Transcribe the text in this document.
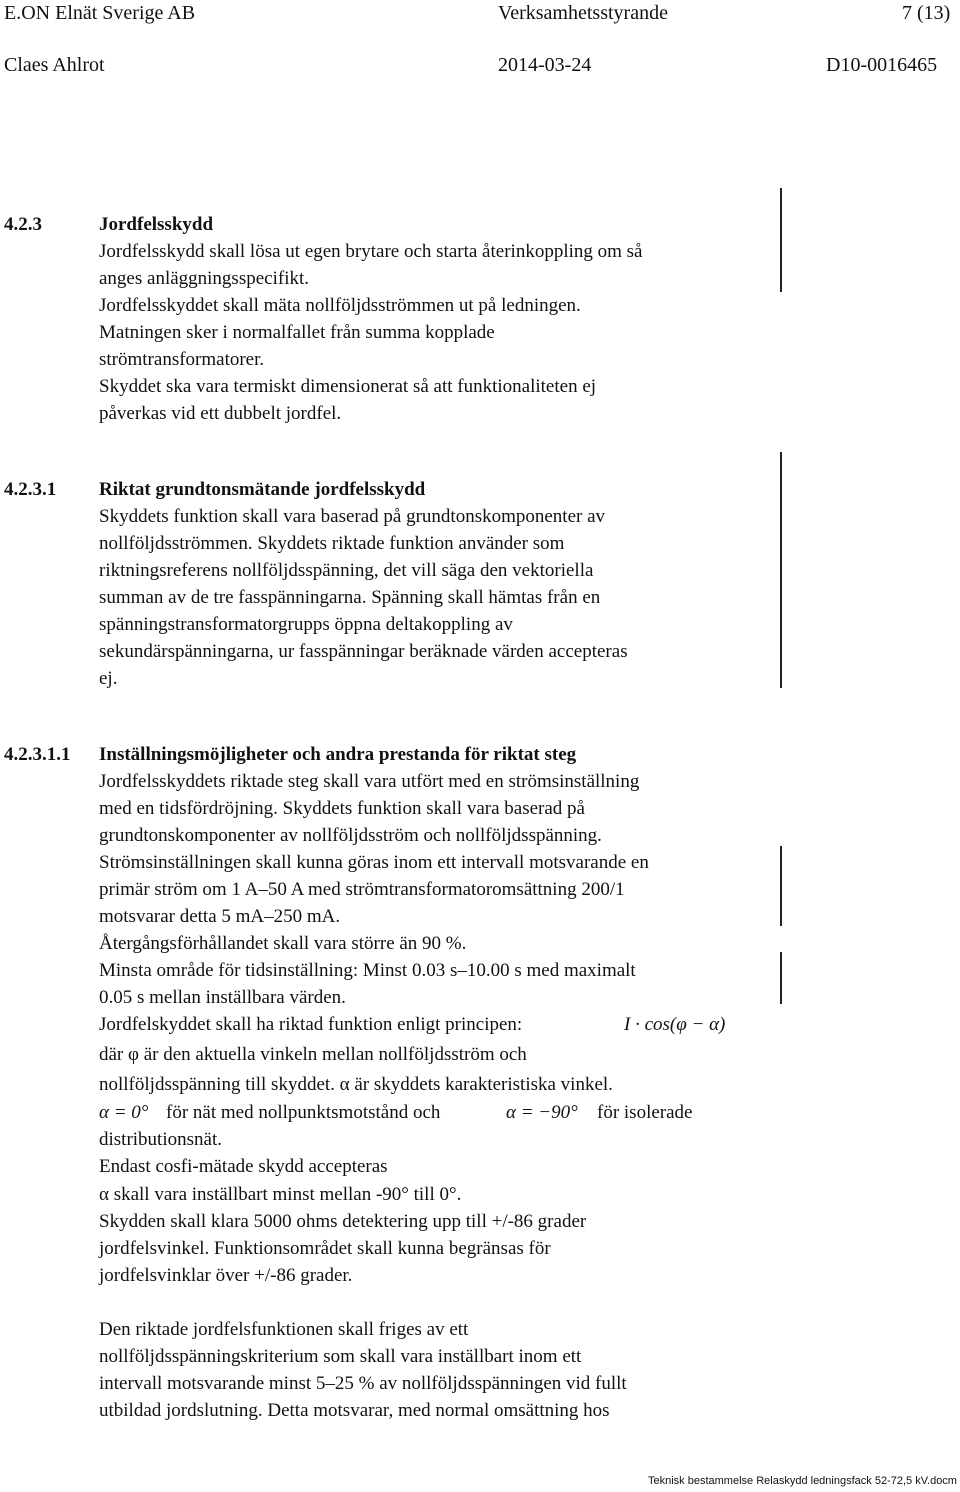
E.ON Elnät Sverige AB	Verksamhetsstyrande	7 (13)
Claes Ahlrot	2014-03-24	D10-0016465
4.2.3	Jordfelsskydd
Jordfelsskydd skall lösa ut egen brytare och starta återinkoppling om så
anges anläggningsspecifikt.
Jordfelsskyddet skall mäta nollföljdsströmmen ut på ledningen.
Matningen sker i normalfallet från summa kopplade
strömtransformatorer.
Skyddet ska vara termiskt dimensionerat så att funktionaliteten ej
påverkas vid ett dubbelt jordfel.
4.2.3.1 Riktat grundtonsmätande jordfelsskydd
Skyddets funktion skall vara baserad på grundtonskomponenter av
nollföljdsströmmen. Skyddets riktade funktion använder som
riktningsreferens nollföljdsspänning, det vill säga den vektoriella
summan av de tre fasspänningarna. Spänning skall hämtas från en
spänningstransformatorgrupps öppna deltakoppling av
sekundärspänningarna, ur fasspänningar beräknade värden accepteras
ej.
4.2.3.1.1 Inställningsmöjligheter och andra prestanda för riktat steg
Jordfelsskyddets riktade steg skall vara utfört med en strömsinställning
med en tidsfördröjning. Skyddets funktion skall vara baserad på
grundtonskomponenter av nollföljdsström och nollföljdsspänning.
Strömsinställningen skall kunna göras inom ett intervall motsvarande en
primär ström om 1 A–50 A med strömtransformatoromsättning 200/1
motsvarar detta 5 mA–250 mA.
Återgångsförhållandet skall vara större än 90 %.
Minsta område för tidsinställning: Minst 0.03 s–10.00 s med maximalt
0.05 s mellan inställbara värden.
Jordfelskyddet skall ha riktad funktion enligt principen:	I · cos(φ − α)
där φ är den aktuella vinkeln mellan nollföljdsström och
nollföljdsspänning till skyddet. α är skyddets karakteristiska vinkel.
α = 0° för nät med nollpunktsmotstånd och	α = −90° för isolerade
distributionsnät.
Endast cosfi-mätade skydd accepteras
α skall vara inställbart minst mellan -90° till 0°.
Skydden skall klara 5000 ohms detektering upp till +/-86 grader
jordfelsvinkel. Funktionsområdet skall kunna begränsas för
jordfelsvinklar över +/-86 grader.
Den riktade jordfelsfunktionen skall friges av ett
nollföljdsspänningskriterium som skall vara inställbart inom ett
intervall motsvarande minst 5–25 % av nollföljdsspänningen vid fullt
utbildad jordslutning. Detta motsvarar, med normal omsättning hos
Teknisk bestammelse Relaskydd ledningsfack 52-72,5 kV.docm
